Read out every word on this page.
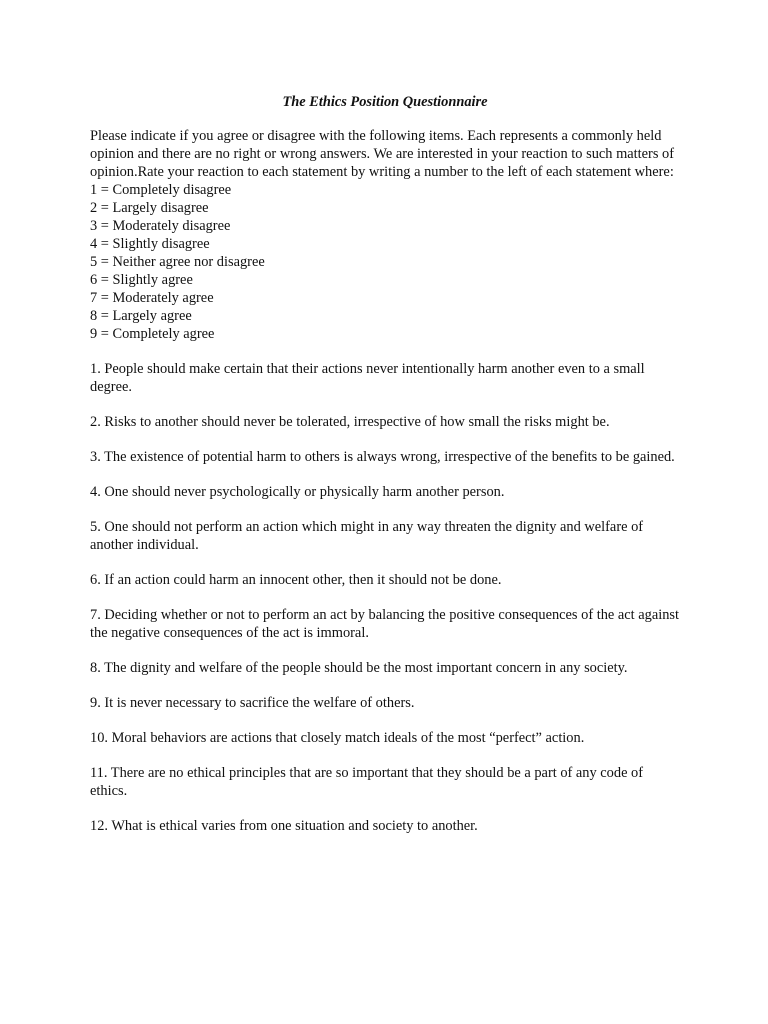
The Ethics Position Questionnaire

Please indicate if you agree or disagree with the following items. Each represents a commonly held opinion and there are no right or wrong answers. We are interested in your reaction to such matters of opinion.Rate your reaction to each statement by writing a number to the left of each statement where:

1 = Completely disagree
2 = Largely disagree
3 = Moderately disagree
4 = Slightly disagree
5 = Neither agree nor disagree
6 = Slightly agree
7 = Moderately agree
8 = Largely agree
9 = Completely agree
1. People should make certain that their actions never intentionally harm another even to a small degree.
2. Risks to another should never be tolerated, irrespective of how small the risks might be.
3. The existence of potential harm to others is always wrong, irrespective of the benefits to be gained.
4. One should never psychologically or physically harm another person.
5. One should not perform an action which might in any way threaten the dignity and welfare of another individual.
6. If an action could harm an innocent other, then it should not be done.
7. Deciding whether or not to perform an act by balancing the positive consequences of the act against the negative consequences of the act is immoral.
8. The dignity and welfare of the people should be the most important concern in any society.
9. It is never necessary to sacrifice the welfare of others.
10. Moral behaviors are actions that closely match ideals of the most “perfect” action.
11. There are no ethical principles that are so important that they should be a part of any code of ethics.
12. What is ethical varies from one situation and society to another.
